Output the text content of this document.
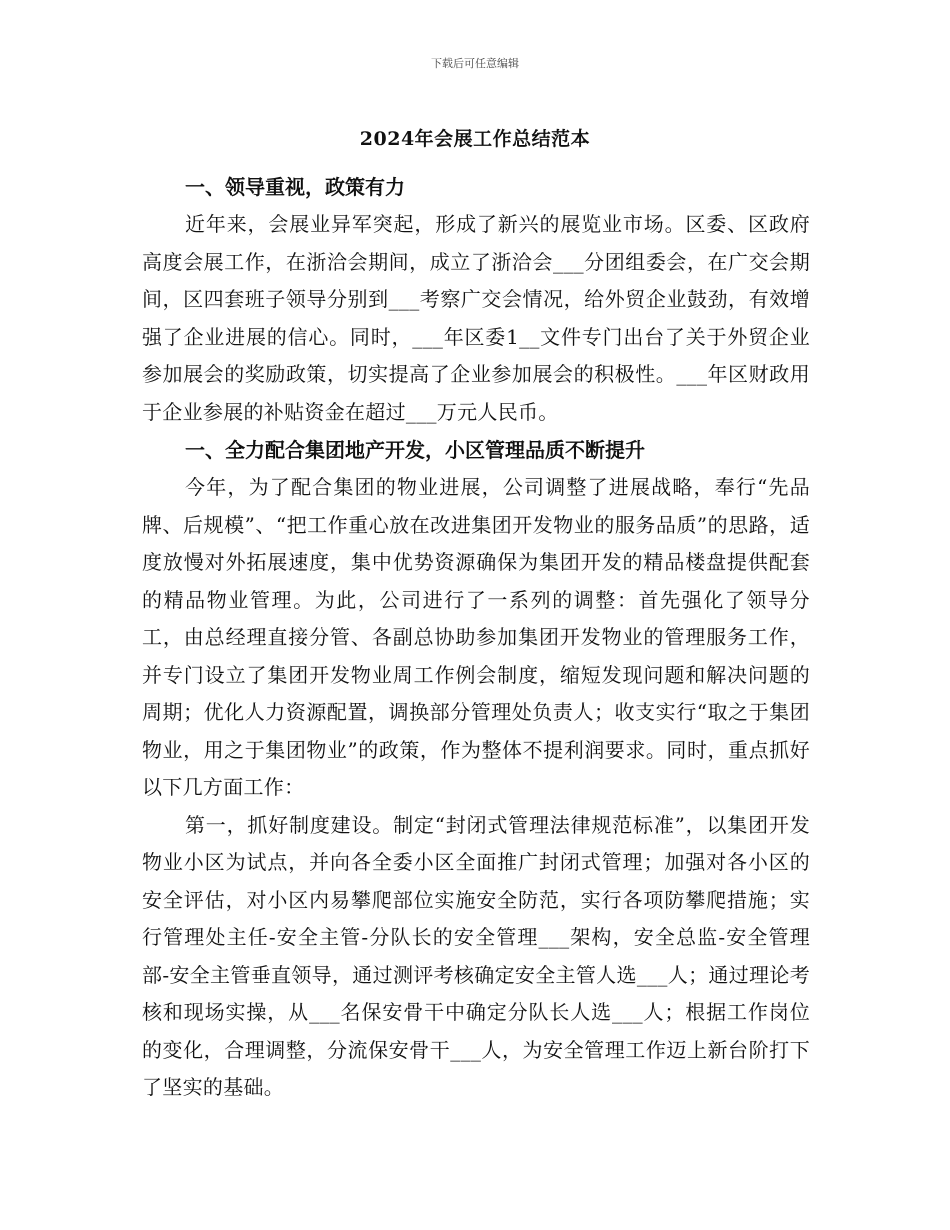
下载后可任意编辑
2024年会展工作总结范本
一、领导重视，政策有力

近年来，会展业异军突起，形成了新兴的展览业市场。区委、区政府高度会展工作，在浙洽会期间，成立了浙洽会___分团组委会，在广交会期间，区四套班子领导分别到___考察广交会情况，给外贸企业鼓劲，有效增强了企业进展的信心。同时，___年区委1__文件专门出台了关于外贸企业参加展会的奖励政策，切实提高了企业参加展会的积极性。___年区财政用于企业参展的补贴资金在超过___万元人民币。

一、全力配合集团地产开发，小区管理品质不断提升

今年，为了配合集团的物业进展，公司调整了进展战略，奉行“先品牌、后规模”、“把工作重心放在改进集团开发物业的服务品质”的思路，适度放慢对外拓展速度，集中优势资源确保为集团开发的精品楼盘提供配套的精品物业管理。为此，公司进行了一系列的调整：首先强化了领导分工，由总经理直接分管、各副总协助参加集团开发物业的管理服务工作，并专门设立了集团开发物业周工作例会制度，缩短发现问题和解决问题的周期；优化人力资源配置，调换部分管理处负责人；收支实行“取之于集团物业，用之于集团物业”的政策，作为整体不提利润要求。同时，重点抓好以下几方面工作：

第一，抓好制度建设。制定“封闭式管理法律规范标准”，以集团开发物业小区为试点，并向各全委小区全面推广封闭式管理；加强对各小区的安全评估，对小区内易攀爬部位实施安全防范，实行各项防攀爬措施；实行管理处主任-安全主管-分队长的安全管理___架构，安全总监-安全管理部-安全主管垂直领导，通过测评考核确定安全主管人选___人；通过理论考核和现场实操，从___名保安骨干中确定分队长人选___人；根据工作岗位的变化，合理调整，分流保安骨干___人，为安全管理工作迈上新台阶打下了坚实的基础。
